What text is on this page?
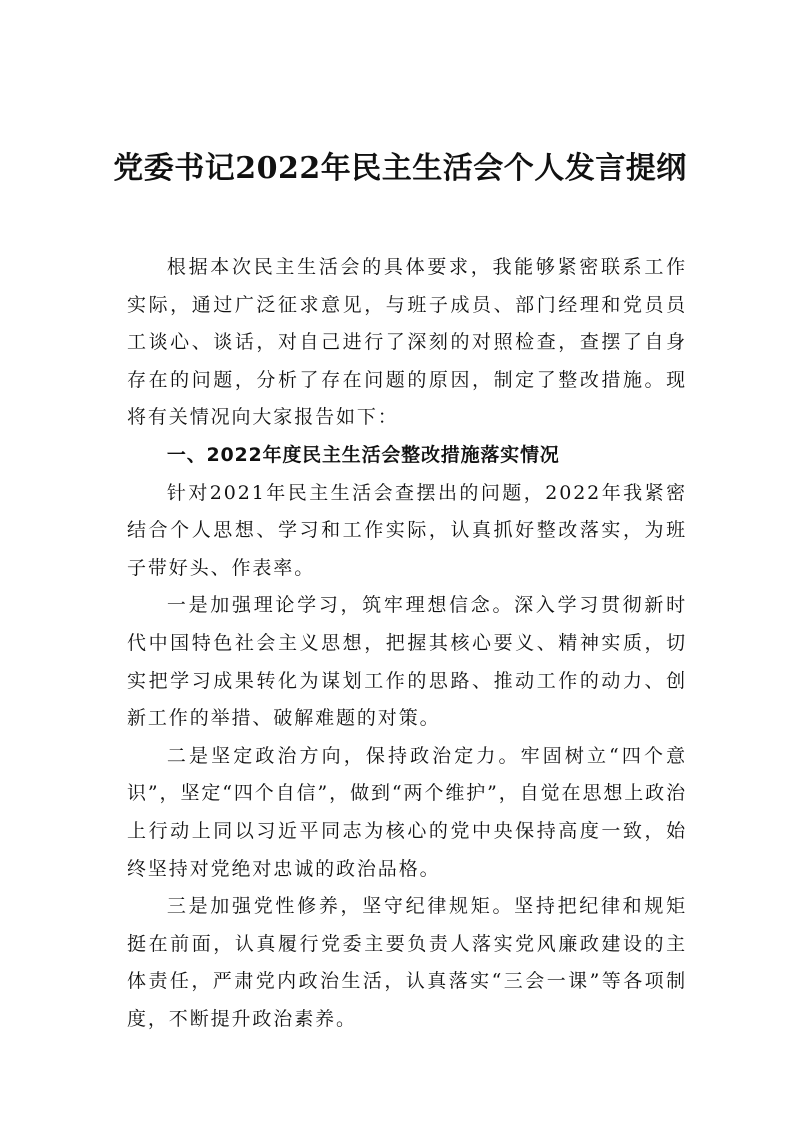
党委书记2022年民主生活会个人发言提纲

根据本次民主生活会的具体要求，我能够紧密联系工作实际，通过广泛征求意见，与班子成员、部门经理和党员员工谈心、谈话，对自己进行了深刻的对照检查，查摆了自身存在的问题，分析了存在问题的原因，制定了整改措施。现将有关情况向大家报告如下：

一、2022年度民主生活会整改措施落实情况

针对2021年民主生活会查摆出的问题，2022年我紧密结合个人思想、学习和工作实际，认真抓好整改落实，为班子带好头、作表率。

一是加强理论学习，筑牢理想信念。深入学习贯彻新时代中国特色社会主义思想，把握其核心要义、精神实质，切实把学习成果转化为谋划工作的思路、推动工作的动力、创新工作的举措、破解难题的对策。

二是坚定政治方向，保持政治定力。牢固树立“四个意识”，坚定“四个自信”，做到“两个维护”，自觉在思想上政治上行动上同以习近平同志为核心的党中央保持高度一致，始终坚持对党绝对忠诚的政治品格。

三是加强党性修养，坚守纪律规矩。坚持把纪律和规矩挺在前面，认真履行党委主要负责人落实党风廉政建设的主体责任，严肃党内政治生活，认真落实“三会一课”等各项制度，不断提升政治素养。
